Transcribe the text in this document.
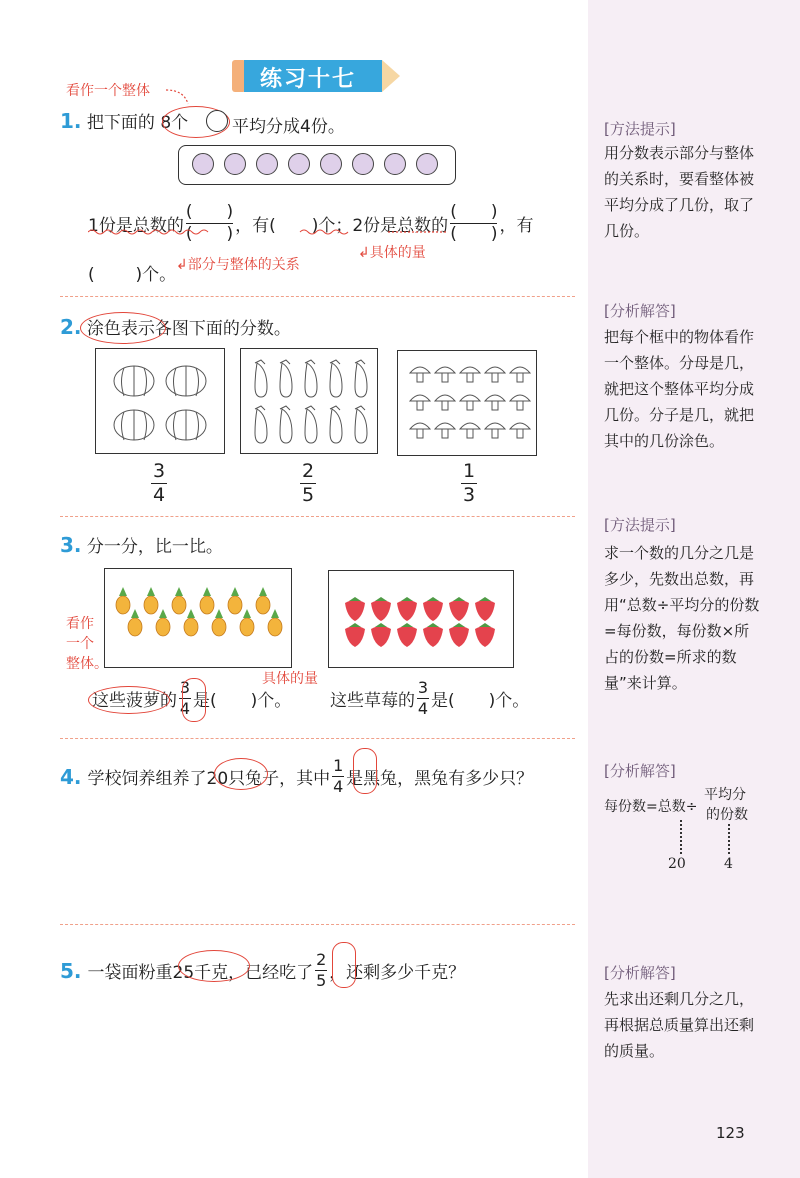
练习十七
看作一个整体
1. 把下面的 8个	平均分成4份。
1份是总数的 $\frac{( )}{( )}$ ，有( )个；2份是总数的 $\frac{( )}{( )}$ ，有
( )个。 ↲部分与整体的关系
↲具体的量
2. 涂色表示各图下面的分数。
$\frac{3}{4}$	$\frac{2}{5}$	$\frac{1}{3}$
3. 分一分，比一比。
看作
一个
整体。
具体的量
这些菠萝 的 $\frac{3}{4}$ 是( )个。 这些草莓的 $\frac{3}{4}$ 是( )个。
4. 学校饲养组养了 20只 兔子，其中 $\frac{1}{4}$ 是黑兔，黑兔有多少只？
5. 一袋面粉重 25千克 ，已经吃了 $\frac{2}{5}$ ，还剩多少千克？
[方法提示]
用分数表示部分与整体的关系时，要看整体被平均分成了几份，取了几份。
[分析解答]
把每个框中的物体看作一个整体。分母是几，就把这个整体平均分成几份。分子是几，就把其中的几份涂色。
[方法提示]
求一个数的几分之几是多少，先数出总数，再用“总数÷平均分的份数=每份数，每份数×所占的份数=所求的数量”来计算。
[分析解答]
每份数=总数÷
平均分
的份数
20	4
[分析解答]
先求出还剩几分之几，再根据总质量算出还剩的质量。
123
